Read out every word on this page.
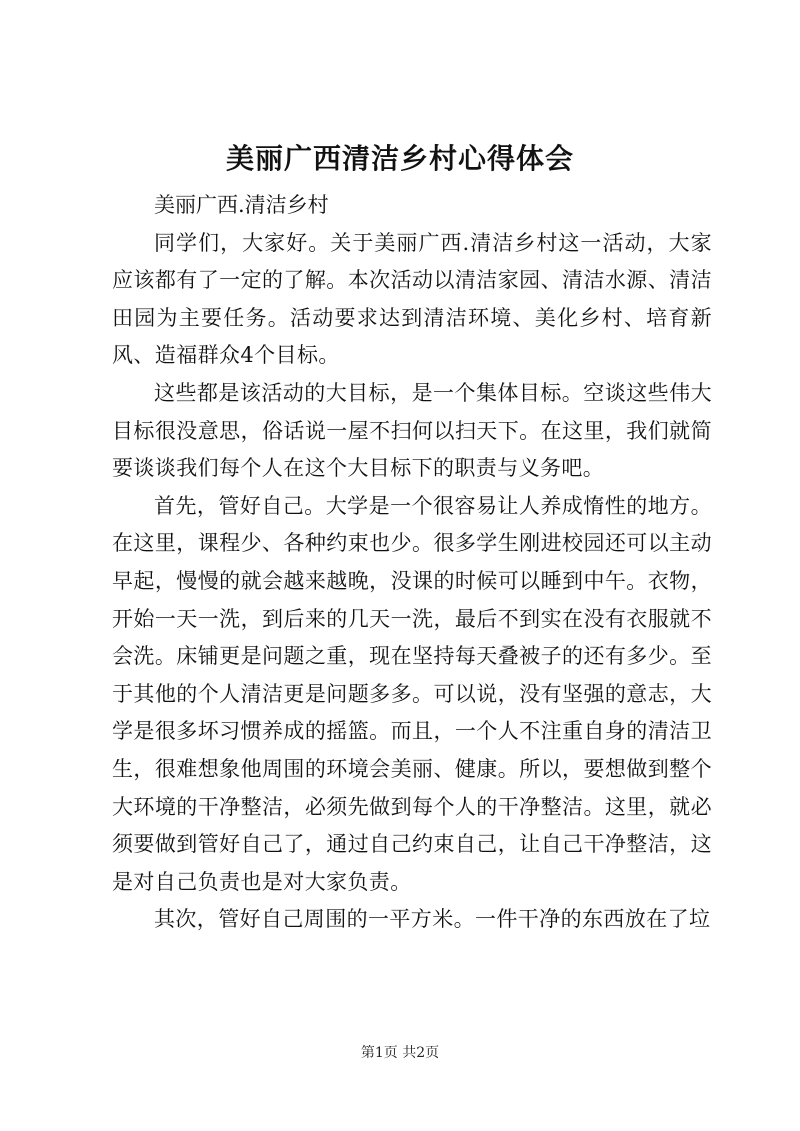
美丽广西清洁乡村心得体会

美丽广西.清洁乡村

同学们，大家好。关于美丽广西.清洁乡村这一活动，大家应该都有了一定的了解。本次活动以清洁家园、清洁水源、清洁田园为主要任务。活动要求达到清洁环境、美化乡村、培育新风、造福群众4个目标。

这些都是该活动的大目标，是一个集体目标。空谈这些伟大目标很没意思，俗话说一屋不扫何以扫天下。在这里，我们就简要谈谈我们每个人在这个大目标下的职责与义务吧。

首先，管好自己。大学是一个很容易让人养成惰性的地方。在这里，课程少、各种约束也少。很多学生刚进校园还可以主动早起，慢慢的就会越来越晚，没课的时候可以睡到中午。衣物，开始一天一洗，到后来的几天一洗，最后不到实在没有衣服就不会洗。床铺更是问题之重，现在坚持每天叠被子的还有多少。至于其他的个人清洁更是问题多多。可以说，没有坚强的意志，大学是很多坏习惯养成的摇篮。而且，一个人不注重自身的清洁卫生，很难想象他周围的环境会美丽、健康。所以，要想做到整个大环境的干净整洁，必须先做到每个人的干净整洁。这里，就必须要做到管好自己了，通过自己约束自己，让自己干净整洁，这是对自己负责也是对大家负责。

其次，管好自己周围的一平方米。一件干净的东西放在了垃

第1页 共2页
